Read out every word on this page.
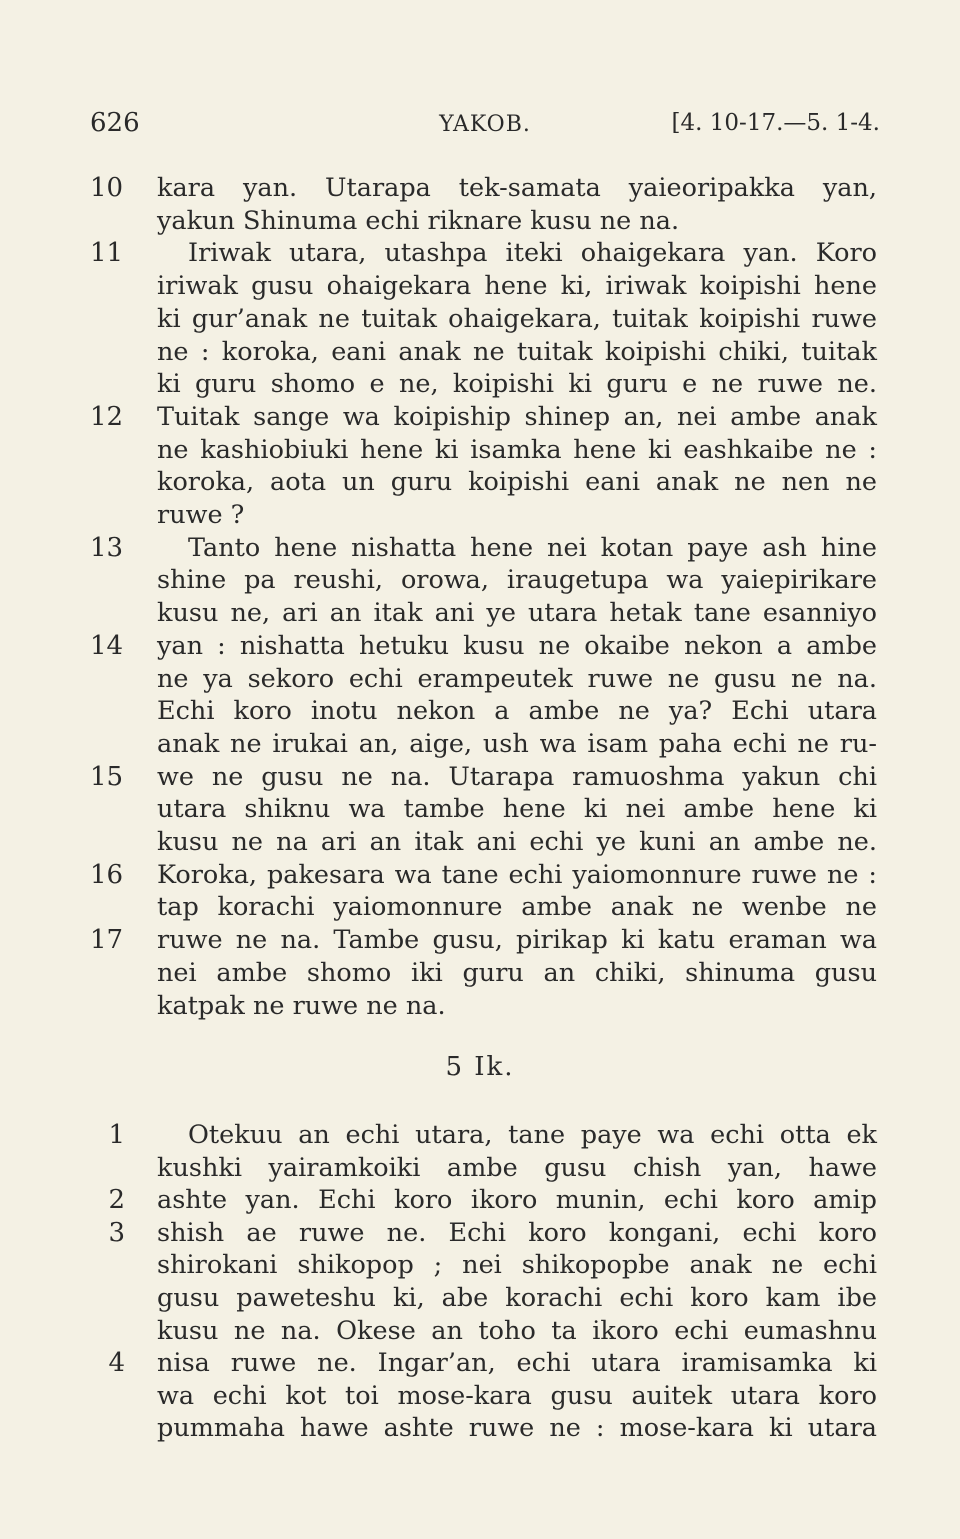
626	YAKOB.	[4. 10-17.—5. 1-4.
10 kara yan. Utarapa tek-samata yaieoripakka yan,
yakun Shinuma echi riknare kusu ne na.
11	Iriwak utara, utashpa iteki ohaigekara yan. Koro
iriwak gusu ohaigekara hene ki, iriwak koipishi hene
ki gur’anak ne tuitak ohaigekara, tuitak koipishi ruwe
ne : koroka, eani anak ne tuitak koipishi chiki, tuitak
ki guru shomo e ne, koipishi ki guru e ne ruwe ne.
12 Tuitak sange wa koipiship shinep an, nei ambe anak
ne kashiobiuki hene ki isamka hene ki eashkaibe ne :
koroka, aota un guru koipishi eani anak ne nen ne
ruwe ?
13	Tanto hene nishatta hene nei kotan paye ash hine
shine pa reushi, orowa, iraugetupa wa yaiepirikare
kusu ne, ari an itak ani ye utara hetak tane esanniyo
14 yan : nishatta hetuku kusu ne okaibe nekon a ambe
ne ya sekoro echi erampeutek ruwe ne gusu ne na.
Echi koro inotu nekon a ambe ne ya? Echi utara
anak ne irukai an, aige, ush wa isam paha echi ne ru-
15 we ne gusu ne na. Utarapa ramuoshma yakun chi
utara shiknu wa tambe hene ki nei ambe hene ki
kusu ne na ari an itak ani echi ye kuni an ambe ne.
16 Koroka, pakesara wa tane echi yaiomonnure ruwe ne :
tap korachi yaiomonnure ambe anak ne wenbe ne
17 ruwe ne na. Tambe gusu, pirikap ki katu eraman wa
nei ambe shomo iki guru an chiki, shinuma gusu
katpak ne ruwe ne na.
5 Ik.
1 Otekuu an echi utara, tane paye wa echi otta ek
kushki yairamkoiki ambe gusu chish yan, hawe
2 ashte yan. Echi koro ikoro munin, echi koro amip
3 shish ae ruwe ne. Echi koro kongani, echi koro
shirokani shikopop ; nei shikopopbe anak ne echi
gusu paweteshu ki, abe korachi echi koro kam ibe
kusu ne na. Okese an toho ta ikoro echi eumashnu
4 nisa ruwe ne. Ingar’an, echi utara iramisamka ki
wa echi kot toi mose-kara gusu auitek utara koro
pummaha hawe ashte ruwe ne : mose-kara ki utara
